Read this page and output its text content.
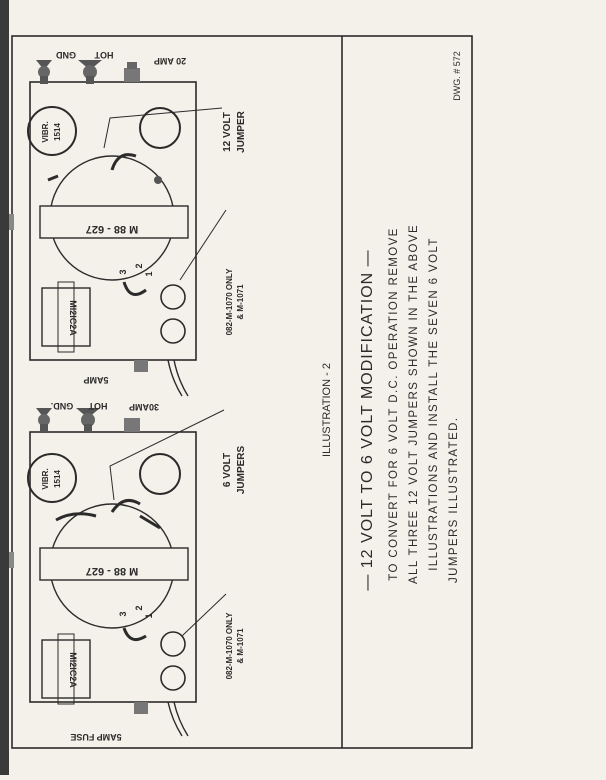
GND HOT
20 AMP
5AMP
M 88 - 627
MI2IC2A
GND. HOT 30AMP
5AMP FUSE
M 88 - 627
MI2IC2A
VIBR. 1514
VIBR. 1514
3
2
1
3
2
1
12 VOLT JUMPER
6 VOLT JUMPERS
082-M-1070 ONLY & M-1071
082-M-1070 ONLY & M-1071
ILLUSTRATION - 2 — 12 VOLT TO 6 VOLT MODIFICATION — TO CONVERT FOR 6 VOLT D.C. OPERATION REMOVE ALL THREE 12 VOLT JUMPERS SHOWN IN THE ABOVE ILLUSTRATIONS AND INSTALL THE SEVEN 6 VOLT JUMPERS ILLUSTRATED.
DWG. # 572
